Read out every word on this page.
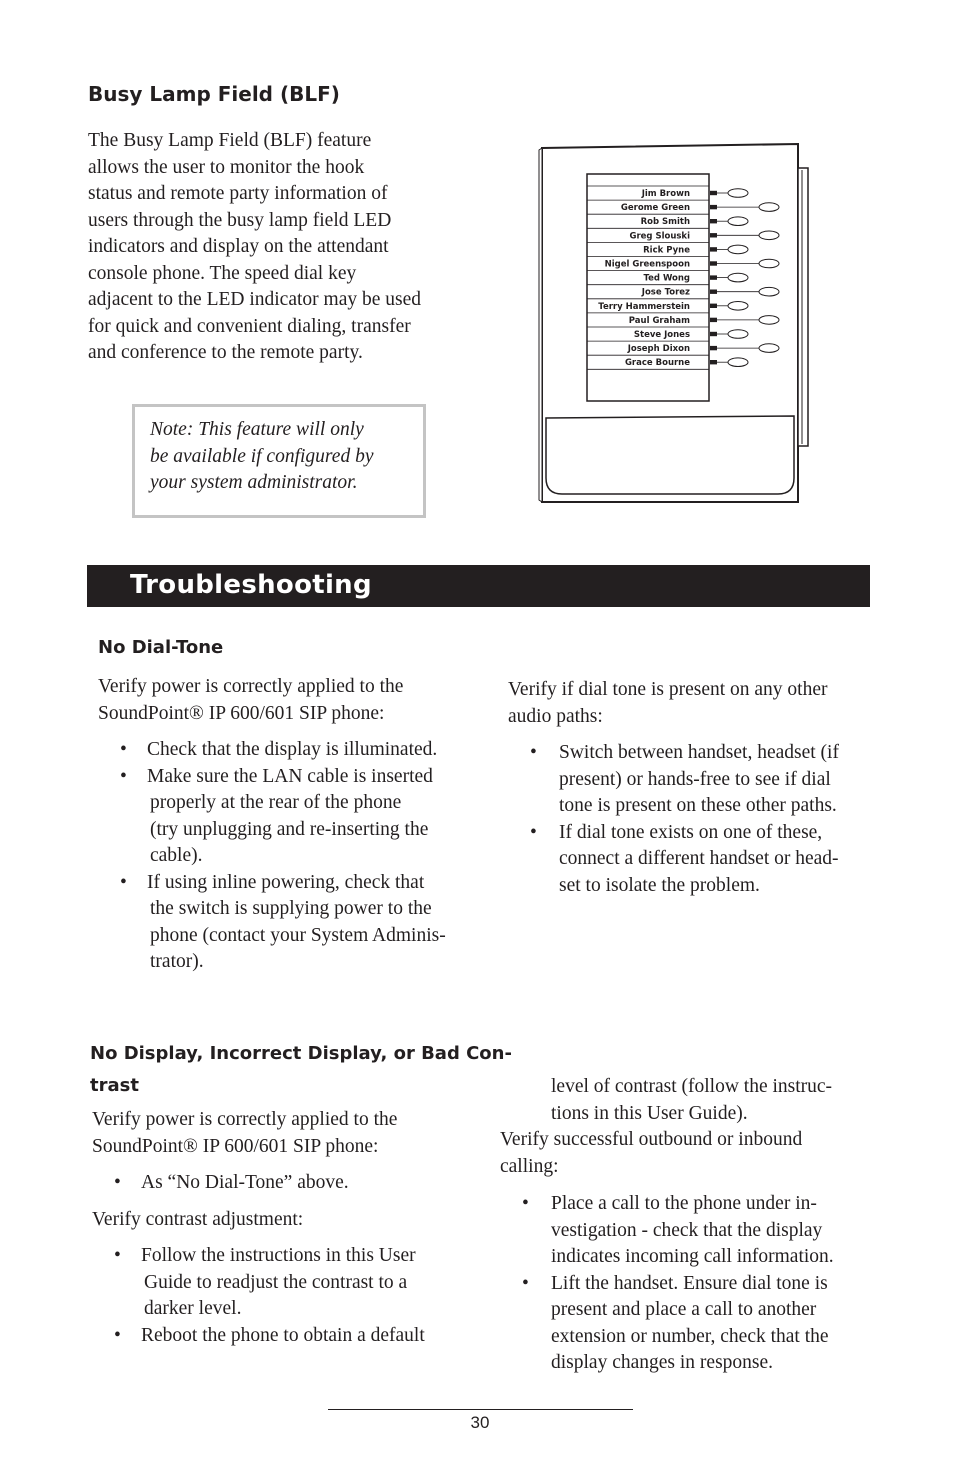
Busy Lamp Field (BLF)
The Busy Lamp Field (BLF) feature
allows the user to monitor the hook
status and remote party information of
users through the busy lamp field LED
indicators and display on the attendant
console phone. The speed dial key
adjacent to the LED indicator may be used
for quick and convenient dialing, transfer
and conference to the remote party.
Note: This feature will only
be available if configured by
your system administrator.
Jim Brown
Gerome Green
Rob Smith
Greg Slouski
Rick Pyne
Nigel Greenspoon
Ted Wong
Jose Torez
Terry Hammerstein
Paul Graham
Steve Jones
Joseph Dixon
Grace Bourne
Troubleshooting
No Dial-Tone
Verify power is correctly applied to the
SoundPoint® IP 600/601 SIP phone:
•	Check that the display is illuminated.
•	Make sure the LAN cable is inserted
properly at the rear of the phone
(try unplugging and re-inserting the
cable).
•	If using inline powering, check that
the switch is supplying power to the
phone (contact your System Adminis-
trator).
Verify if dial tone is present on any other
audio paths:
•	Switch between handset, headset (if
present) or hands-free to see if dial
tone is present on these other paths.
•	If dial tone exists on one of these,
connect a different handset or head-
set to isolate the problem.
No Display, Incorrect Display, or Bad Con-
trast
Verify power is correctly applied to the
SoundPoint® IP 600/601 SIP phone:
•	As “No Dial-Tone” above.
Verify contrast adjustment:
•	Follow the instructions in this User
Guide to readjust the contrast to a
darker level.
•	Reboot the phone to obtain a default
level of contrast (follow the instruc-
tions in this User Guide).
Verify successful outbound or inbound
calling:
•	Place a call to the phone under in-
vestigation - check that the display
indicates incoming call information.
•	Lift the handset. Ensure dial tone is
present and place a call to another
extension or number, check that the
display changes in response.
30
